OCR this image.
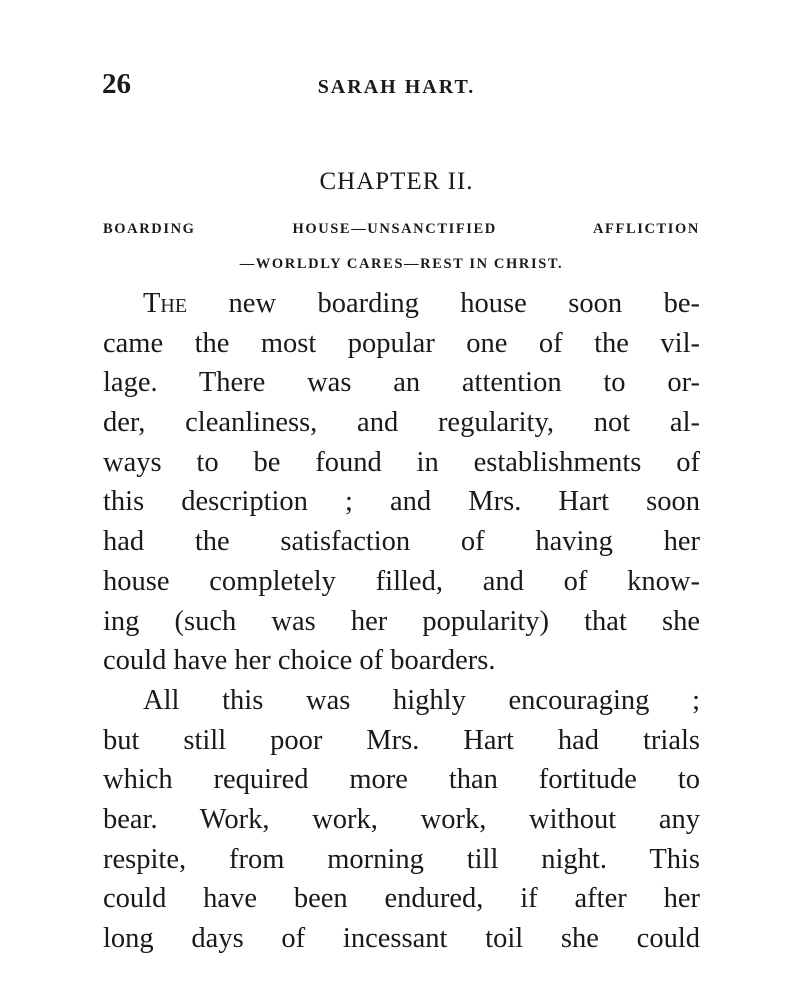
26	SARAH HART.
CHAPTER II.
BOARDING HOUSE—UNSANCTIFIED AFFLICTION
—WORLDLY CARES—REST IN CHRIST.
The new boarding house soon be-
came the most popular one of the vil-
lage. There was an attention to or-
der, cleanliness, and regularity, not al-
ways to be found in establishments of
this description ; and Mrs. Hart soon
had the satisfaction of having her
house completely filled, and of know-
ing (such was her popularity) that she
could have her choice of boarders.
All this was highly encouraging ;
but still poor Mrs. Hart had trials
which required more than fortitude to
bear. Work, work, work, without any
respite, from morning till night. This
could have been endured, if after her
long days of incessant toil she could
